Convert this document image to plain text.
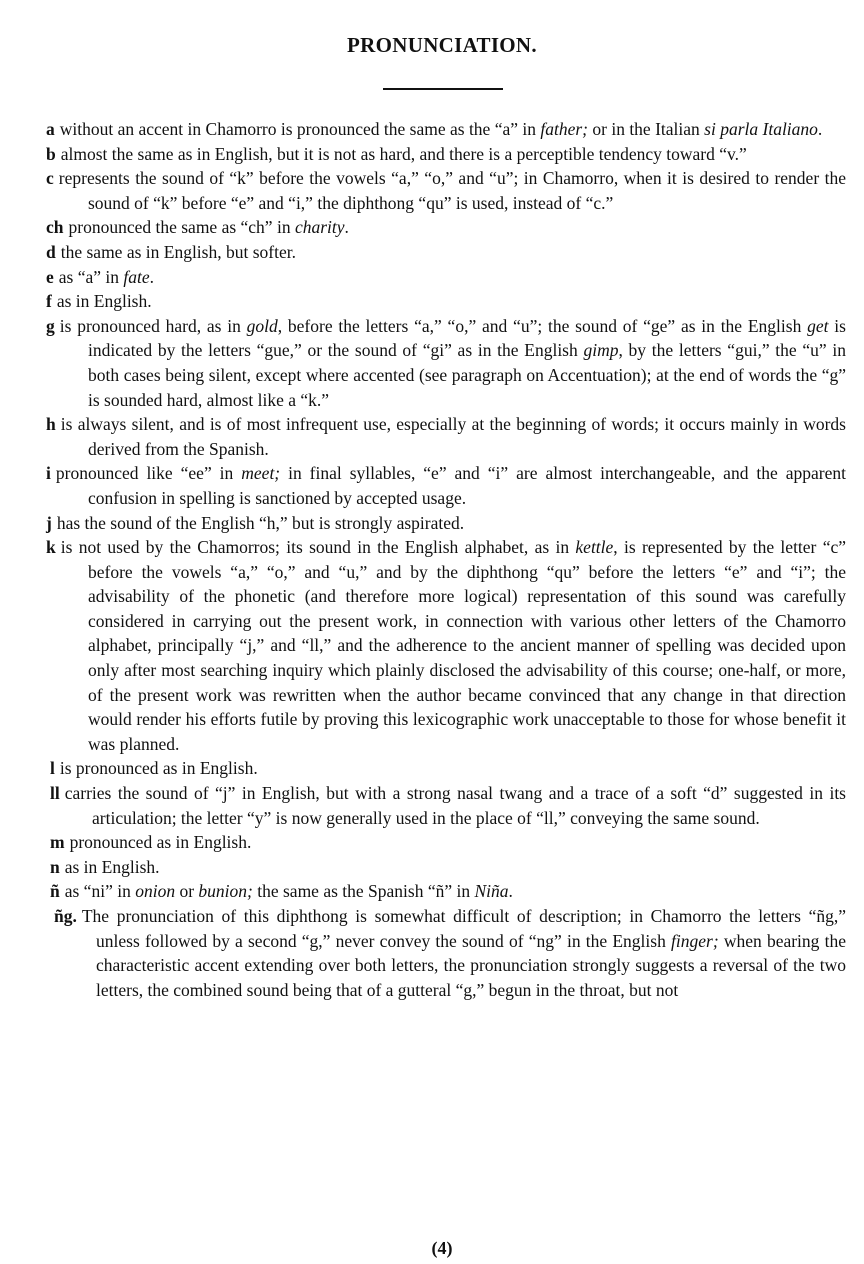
PRONUNCIATION.

a without an accent in Chamorro is pronounced the same as the “a” in father; or in the Italian si parla Italiano.

b almost the same as in English, but it is not as hard, and there is a perceptible tendency toward “v.”

c represents the sound of “k” before the vowels “a,” “o,” and “u”; in Chamorro, when it is desired to render the sound of “k” before “e” and “i,” the diphthong “qu” is used, instead of “c.”

ch pronounced the same as “ch” in charity.

d the same as in English, but softer.

e as “a” in fate.

f as in English.

g is pronounced hard, as in gold, before the letters “a,” “o,” and “u”; the sound of “ge” as in the English get is indicated by the letters “gue,” or the sound of “gi” as in the English gimp, by the letters “gui,” the “u” in both cases being silent, except where accented (see paragraph on Accentuation); at the end of words the “g” is sounded hard, almost like a “k.”

h is always silent, and is of most infrequent use, especially at the beginning of words; it occurs mainly in words derived from the Spanish.

i pronounced like “ee” in meet; in final syllables, “e” and “i” are almost interchangeable, and the apparent confusion in spelling is sanctioned by accepted usage.

j has the sound of the English “h,” but is strongly aspirated.

k is not used by the Chamorros; its sound in the English alphabet, as in kettle, is represented by the letter “c” before the vowels “a,” “o,” and “u,” and by the diphthong “qu” before the letters “e” and “i”; the advisability of the phonetic (and therefore more logical) representation of this sound was carefully considered in carrying out the present work, in connection with various other letters of the Chamorro alphabet, principally “j,” and “ll,” and the adherence to the ancient manner of spelling was decided upon only after most searching inquiry which plainly disclosed the advisability of this course; one-half, or more, of the present work was rewritten when the author became convinced that any change in that direction would render his efforts futile by proving this lexicographic work unacceptable to those for whose benefit it was planned.

l is pronounced as in English.

ll carries the sound of “j” in English, but with a strong nasal twang and a trace of a soft “d” suggested in its articulation; the letter “y” is now generally used in the place of “ll,” conveying the same sound.

m pronounced as in English.

n as in English.

ñ as “ni” in onion or bunion; the same as the Spanish “ñ” in Niña.

ñg. The pronunciation of this diphthong is somewhat difficult of description; in Chamorro the letters “ñg,” unless followed by a second “g,” never convey the sound of “ng” in the English finger; when bearing the characteristic accent extending over both letters, the pronunciation strongly suggests a reversal of the two letters, the combined sound being that of a gutteral “g,” begun in the throat, but not

(4)
